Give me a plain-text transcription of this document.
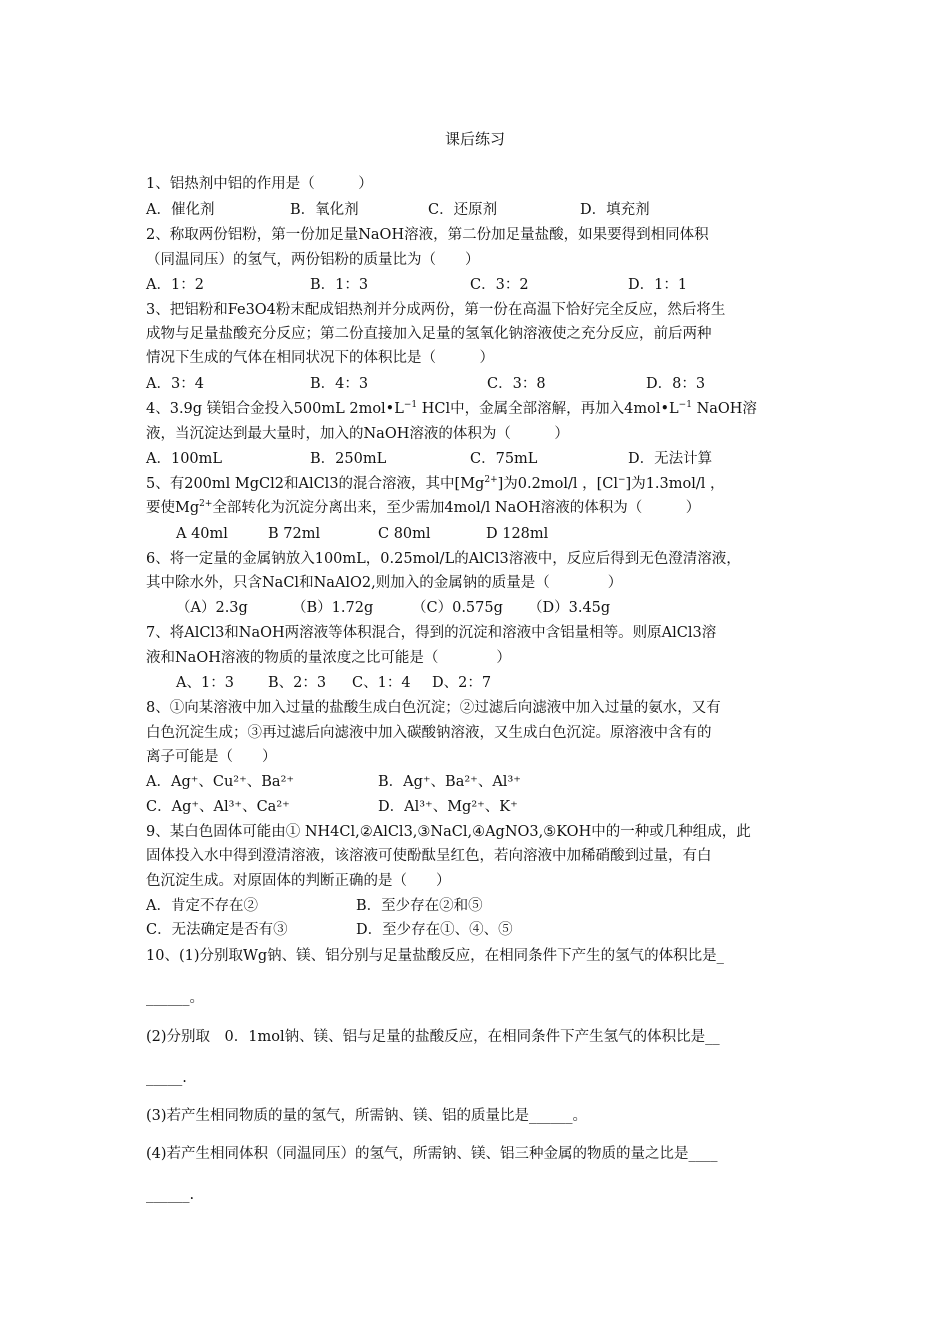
课后练习
1、铝热剂中铝的作用是（　　　）
A．催化剂	B．氧化剂	C．还原剂	D．填充剂
2、称取两份铝粉，第一份加足量NaOH溶液，第二份加足量盐酸，如果要得到相同体积
（同温同压）的氢气，两份铝粉的质量比为（　　）
A．1：2	B．1：3	C．3：2	D．1：1
3、把铝粉和Fe3O4粉末配成铝热剂并分成两份，第一份在高温下恰好完全反应，然后将生
成物与足量盐酸充分反应；第二份直接加入足量的氢氧化钠溶液使之充分反应，前后两种
情况下生成的气体在相同状况下的体积比是（　　　）
A．3：4	B．4：3	C．3：8	D．8：3
4、3.9g 镁铝合金投入500mL $2mol•L^{-1}$ HCl中，金属全部溶解，再加入$4mol•L^{-1}$ NaOH溶
液，当沉淀达到最大量时，加入的NaOH溶液的体积为（　　　）
A．100mL	B．250mL	C．75mL	D．无法计算
5、有200ml MgCl2和AlCl3的混合溶液，其中$[Mg^{2+}]$为0.2mol/l ，[Cl−]为1.3mol/l ，
要使$Mg^{2+}$全部转化为沉淀分离出来，至少需加4mol/l NaOH溶液的体积为（　　　）
A 40ml	B 72ml	C 80ml	D 128ml
6、将一定量的金属钠放入100mL，0.25mol/L的AlCl3溶液中，反应后得到无色澄清溶液，
其中除水外，只含NaCl和NaAlO2,则加入的金属钠的质量是（　　　　）
（A）2.3g	（B）1.72g	（C）0.575g （D）3.45g
7、将AlCl3和NaOH两溶液等体积混合，得到的沉淀和溶液中含铝量相等。则原AlCl3溶
液和NaOH溶液的物质的量浓度之比可能是（　　　　）
A、1：3 B、2：3 C、1：4 D、2：7
8、①向某溶液中加入过量的盐酸生成白色沉淀；②过滤后向滤液中加入过量的氨水，又有
白色沉淀生成；③再过滤后向滤液中加入碳酸钠溶液，又生成白色沉淀。原溶液中含有的
离子可能是（　　）
A．Ag⁺、Cu²⁺、Ba²⁺	B．Ag⁺、Ba²⁺、Al³⁺
C．Ag⁺、Al³⁺、Ca²⁺	D．Al³⁺、Mg²⁺、K⁺
9、某白色固体可能由① NH4Cl,②AlCl3,③NaCl,④AgNO3,⑤KOH中的一种或几种组成，此
固体投入水中得到澄清溶液，该溶液可使酚酞呈红色，若向溶液中加稀硝酸到过量，有白
色沉淀生成。对原固体的判断正确的是（　　）
A．肯定不存在②	B．至少存在②和⑤
C．无法确定是否有③	D．至少存在①、④、⑤
10、(1)分别取Wg钠、镁、铝分别与足量盐酸反应，在相同条件下产生的氢气的体积比是_
______。
(2)分别取　0．1mol钠、镁、铝与足量的盐酸反应，在相同条件下产生氢气的体积比是__
_____.
(3)若产生相同物质的量的氢气，所需钠、镁、铝的质量比是______。
(4)若产生相同体积（同温同压）的氢气，所需钠、镁、铝三种金属的物质的量之比是____
______.
